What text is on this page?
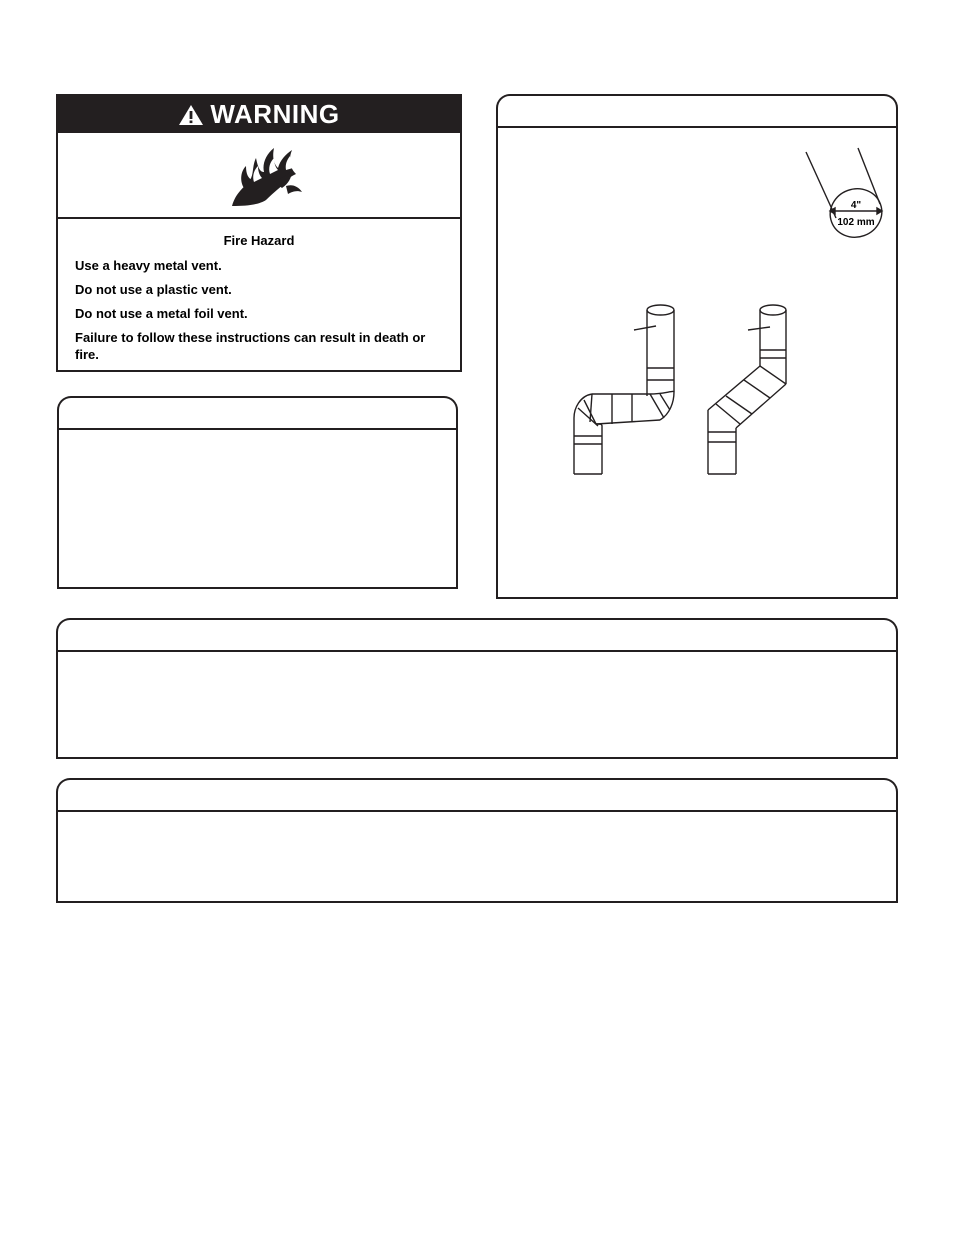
WARNING
Fire Hazard
Use a heavy metal vent.
Do not use a plastic vent.
Do not use a metal foil vent.
Failure to follow these instructions can result in death or fire.
4"
102 mm
